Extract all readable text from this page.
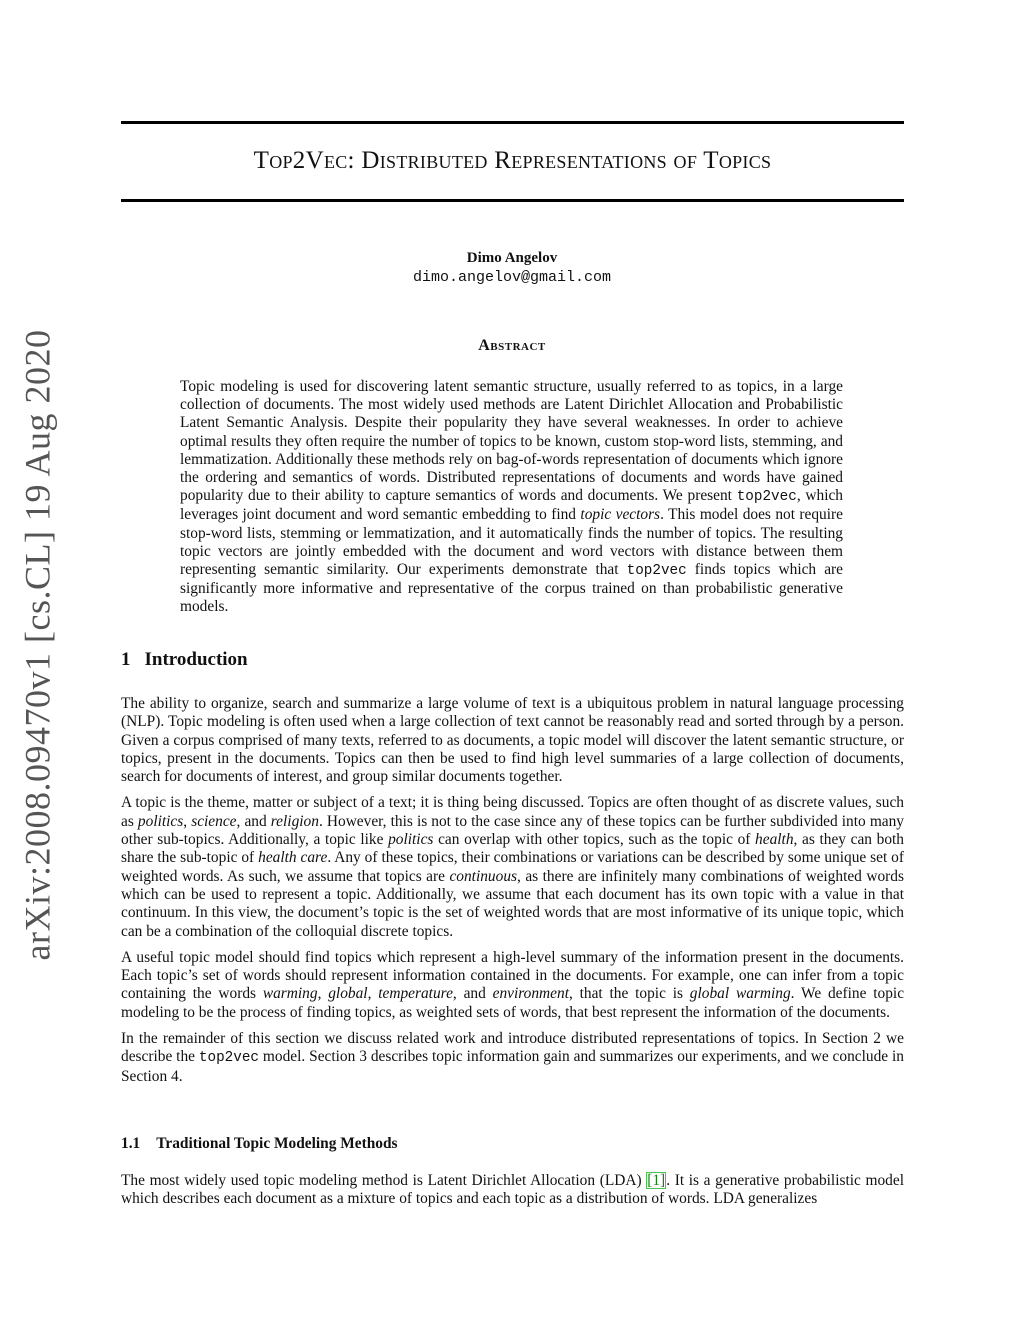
arXiv:2008.09470v1 [cs.CL] 19 Aug 2020
Top2Vec: Distributed Representations of Topics
Dimo Angelov
dimo.angelov@gmail.com
Abstract

Topic modeling is used for discovering latent semantic structure, usually referred to as topics, in a large collection of documents. The most widely used methods are Latent Dirichlet Allocation and Probabilistic Latent Semantic Analysis. Despite their popularity they have several weaknesses. In order to achieve optimal results they often require the number of topics to be known, custom stop-word lists, stemming, and lemmatization. Additionally these methods rely on bag-of-words representation of documents which ignore the ordering and semantics of words. Distributed representations of documents and words have gained popularity due to their ability to capture semantics of words and documents. We present top2vec, which leverages joint document and word semantic embedding to find topic vectors. This model does not require stop-word lists, stemming or lemmatization, and it automatically finds the number of topics. The resulting topic vectors are jointly embedded with the document and word vectors with distance between them representing semantic similarity. Our experiments demonstrate that top2vec finds topics which are significantly more informative and representative of the corpus trained on than probabilistic generative models.

1 Introduction

The ability to organize, search and summarize a large volume of text is a ubiquitous problem in natural language processing (NLP). Topic modeling is often used when a large collection of text cannot be reasonably read and sorted through by a person. Given a corpus comprised of many texts, referred to as documents, a topic model will discover the latent semantic structure, or topics, present in the documents. Topics can then be used to find high level summaries of a large collection of documents, search for documents of interest, and group similar documents together.

A topic is the theme, matter or subject of a text; it is thing being discussed. Topics are often thought of as discrete values, such as politics, science, and religion. However, this is not to the case since any of these topics can be further subdivided into many other sub-topics. Additionally, a topic like politics can overlap with other topics, such as the topic of health, as they can both share the sub-topic of health care. Any of these topics, their combinations or variations can be described by some unique set of weighted words. As such, we assume that topics are continuous, as there are infinitely many combinations of weighted words which can be used to represent a topic. Additionally, we assume that each document has its own topic with a value in that continuum. In this view, the document’s topic is the set of weighted words that are most informative of its unique topic, which can be a combination of the colloquial discrete topics.

A useful topic model should find topics which represent a high-level summary of the information present in the documents. Each topic’s set of words should represent information contained in the documents. For example, one can infer from a topic containing the words warming, global, temperature, and environment, that the topic is global warming. We define topic modeling to be the process of finding topics, as weighted sets of words, that best represent the information of the documents.

In the remainder of this section we discuss related work and introduce distributed representations of topics. In Section 2 we describe the top2vec model. Section 3 describes topic information gain and summarizes our experiments, and we conclude in Section 4.

1.1 Traditional Topic Modeling Methods

The most widely used topic modeling method is Latent Dirichlet Allocation (LDA) [1]. It is a generative probabilistic model which describes each document as a mixture of topics and each topic as a distribution of words. LDA generalizes
